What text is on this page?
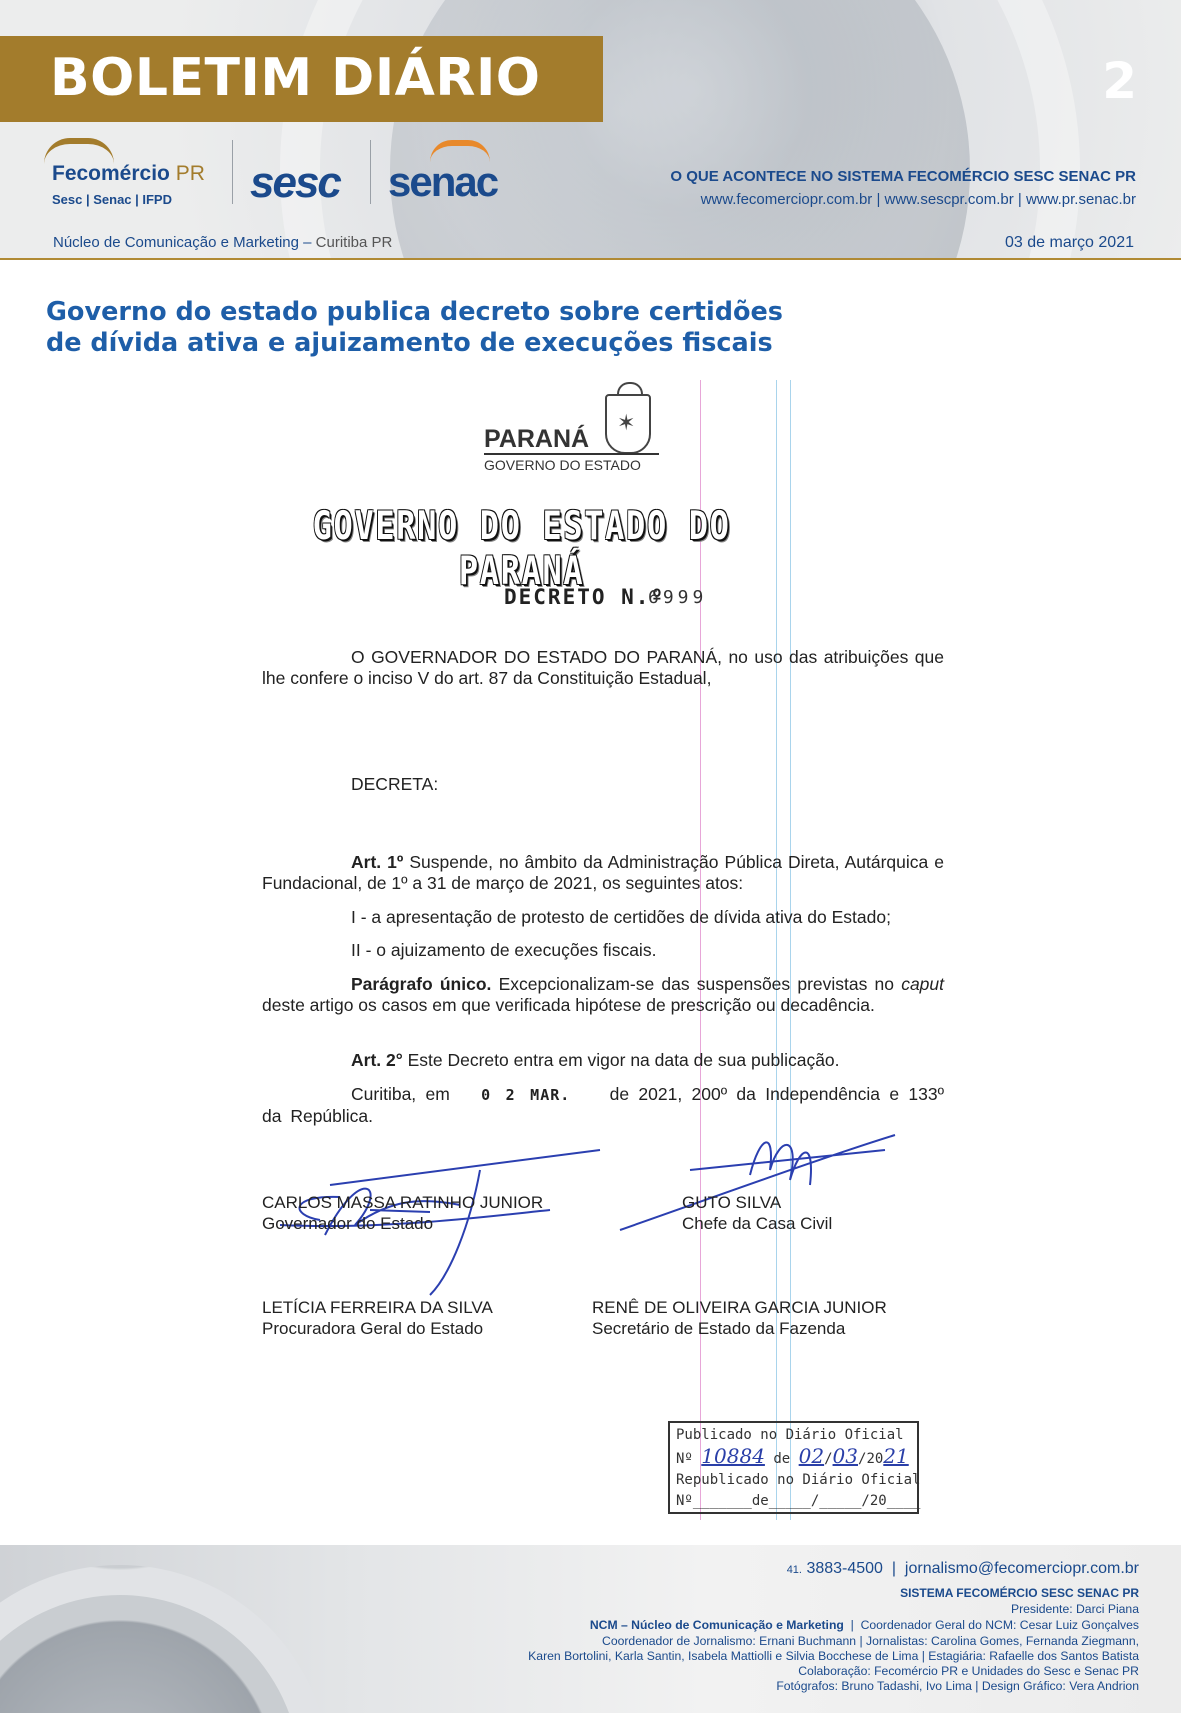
BOLETIM DIÁRIO	2
Fecomércio PR
Sesc | Senac | IFPD sesc senac	O QUE ACONTECE NO SISTEMA FECOMÉRCIO SESC SENAC PR
www.fecomerciopr.com.br | www.sescpr.com.br | www.pr.senac.br
Núcleo de Comunicação e Marketing – Curitiba PR	03 de março 2021
Governo do estado publica decreto sobre certidões
de dívida ativa e ajuizamento de execuções fiscais
✶
PARANÁ
GOVERNO DO ESTADO
GOVERNO DO ESTADO DO PARANÁ
DECRETO N.º
6999
O GOVERNADOR DO ESTADO DO PARANÁ, no uso das atribuições que lhe confere o inciso V do art. 87 da Constituição Estadual,
DECRETA:
Art. 1º Suspende, no âmbito da Administração Pública Direta, Autárquica e Fundacional, de 1º a 31 de março de 2021, os seguintes atos:
I - a apresentação de protesto de certidões de dívida ativa do Estado;
II - o ajuizamento de execuções fiscais.
Parágrafo único. Excepcionalizam-se das suspensões previstas no caput deste artigo os casos em que verificada hipótese de prescrição ou decadência.
Art. 2° Este Decreto entra em vigor na data de sua publicação.
Curitiba, em 0 2 MAR. de 2021, 200º da Independência e 133º da República.
CARLOS MASSA RATINHO JUNIOR
Governador do Estado
GUTO SILVA
Chefe da Casa Civil
LETÍCIA FERREIRA DA SILVA
Procuradora Geral do Estado
RENÊ DE OLIVEIRA GARCIA JUNIOR
Secretário de Estado da Fazenda
Publicado no Diário Oficial
Nº 10884 de 02/03/2021
Republicado no Diário Oficial
Nº_______de_____/_____/20____
41. 3883-4500  |  jornalismo@fecomerciopr.com.br
SISTEMA FECOMÉRCIO SESC SENAC PR
Presidente: Darci Piana
NCM – Núcleo de Comunicação e Marketing  |  Coordenador Geral do NCM: Cesar Luiz Gonçalves
Coordenador de Jornalismo: Ernani Buchmann | Jornalistas: Carolina Gomes, Fernanda Ziegmann,
Karen Bortolini, Karla Santin, Isabela Mattiolli e Silvia Bocchese de Lima | Estagiária: Rafaelle dos Santos Batista
Colaboração: Fecomércio PR e Unidades do Sesc e Senac PR
Fotógrafos: Bruno Tadashi, Ivo Lima | Design Gráfico: Vera Andrion
